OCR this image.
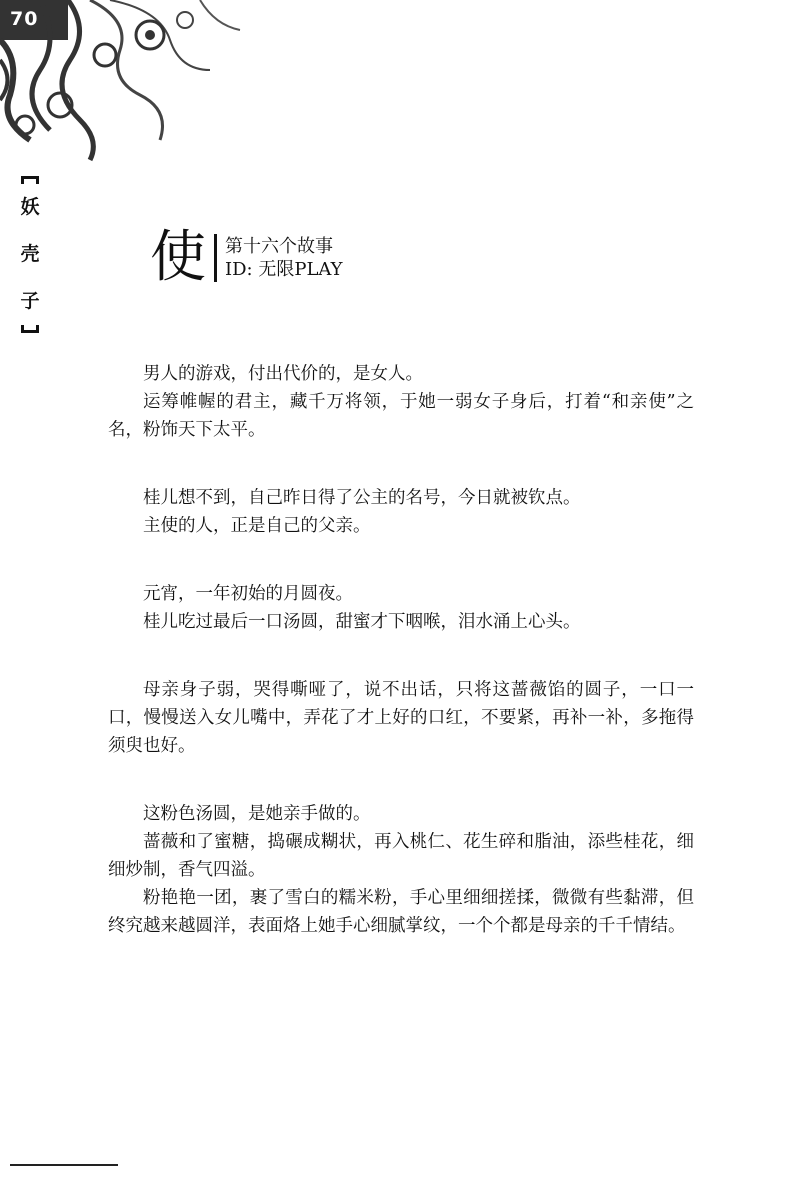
70
妖
壳
子
使 第十六个故事
ID: 无限PLAY

男人的游戏，付出代价的，是女人。

运筹帷幄的君主，藏千万将领，于她一弱女子身后，打着“和亲使”之名，粉饰天下太平。

桂儿想不到，自己昨日得了公主的名号，今日就被钦点。

主使的人，正是自己的父亲。

元宵，一年初始的月圆夜。

桂儿吃过最后一口汤圆，甜蜜才下咽喉，泪水涌上心头。

母亲身子弱，哭得嘶哑了，说不出话，只将这蔷薇馅的圆子，一口一口，慢慢送入女儿嘴中，弄花了才上好的口红，不要紧，再补一补，多拖得须臾也好。

这粉色汤圆，是她亲手做的。

蔷薇和了蜜糖，捣碾成糊状，再入桃仁、花生碎和脂油，添些桂花，细细炒制，香气四溢。

粉艳艳一团，裹了雪白的糯米粉，手心里细细搓揉，微微有些黏滞，但终究越来越圆洋，表面烙上她手心细腻掌纹，一个个都是母亲的千千情结。
